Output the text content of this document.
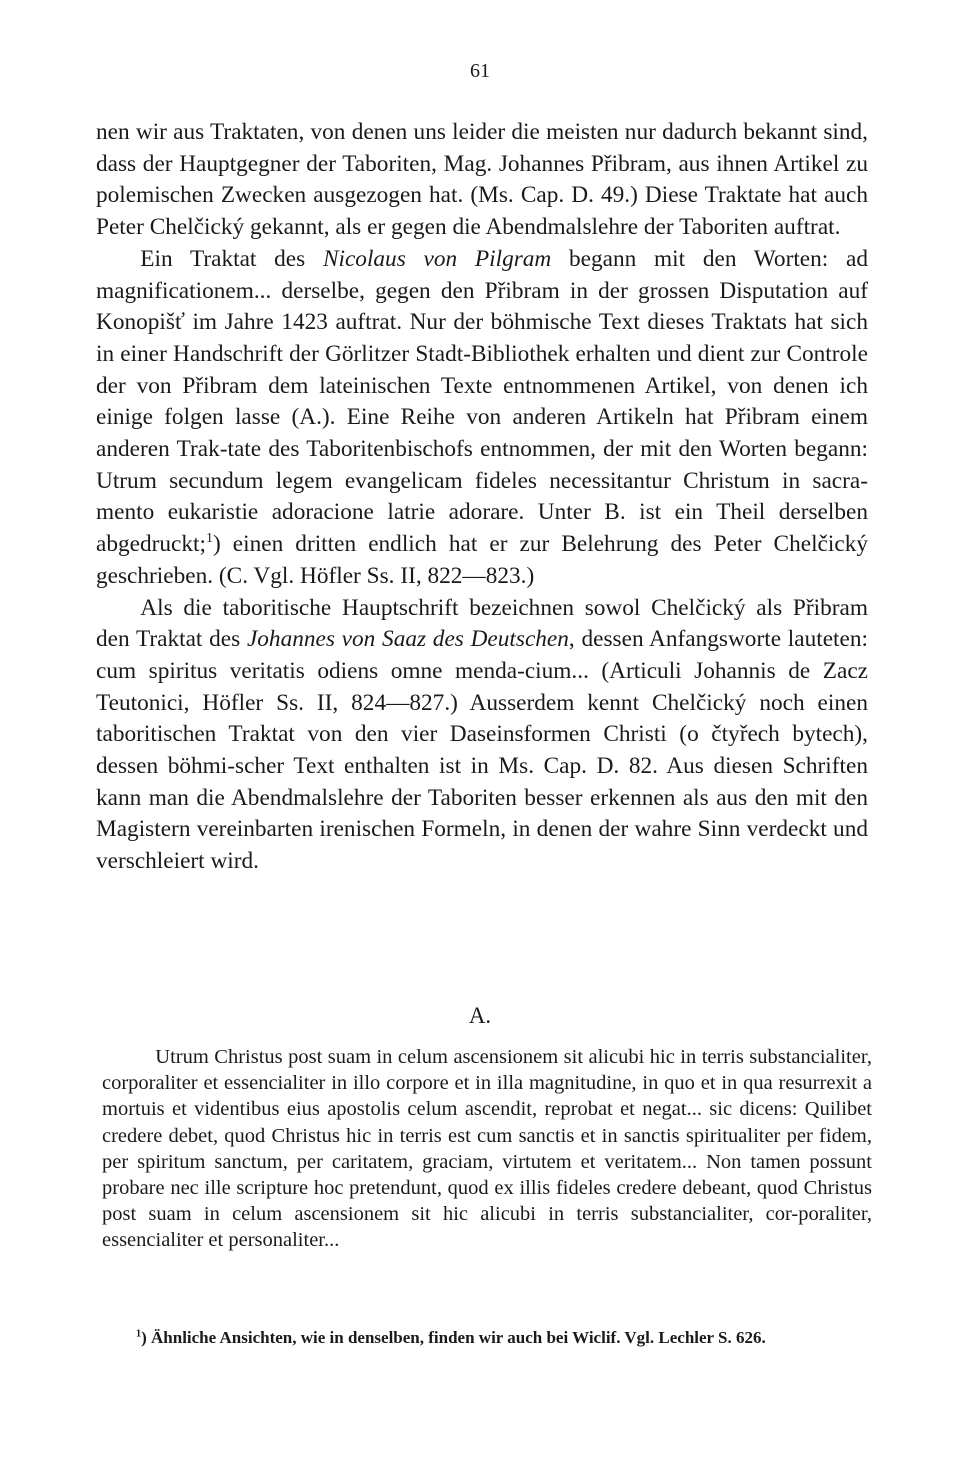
61

nen wir aus Traktaten, von denen uns leider die meisten nur dadurch bekannt sind, dass der Hauptgegner der Taboriten, Mag. Johannes Přibram, aus ihnen Artikel zu polemischen Zwecken ausgezogen hat. (Ms. Cap. D. 49.) Diese Traktate hat auch Peter Chelčický gekannt, als er gegen die Abendmalslehre der Taboriten auftrat.

Ein Traktat des Nicolaus von Pilgram begann mit den Worten: ad magnificationem... derselbe, gegen den Přibram in der grossen Disputation auf Konopišť im Jahre 1423 auftrat. Nur der böhmische Text dieses Traktats hat sich in einer Handschrift der Görlitzer Stadt-Bibliothek erhalten und dient zur Controle der von Přibram dem lateinischen Texte entnommenen Artikel, von denen ich einige folgen lasse (A.). Eine Reihe von anderen Artikeln hat Přibram einem anderen Trak-tate des Taboritenbischofs entnommen, der mit den Worten begann: Utrum secundum legem evangelicam fideles necessitantur Christum in sacra-mento eukaristie adoracione latrie adorare. Unter B. ist ein Theil derselben abgedruckt;$^1$) einen dritten endlich hat er zur Belehrung des Peter Chelčický geschrieben. (C. Vgl. Höfler Ss. II, 822—823.)

Als die taboritische Hauptschrift bezeichnen sowol Chelčický als Přibram den Traktat des Johannes von Saaz des Deutschen, dessen Anfangsworte lauteten: cum spiritus veritatis odiens omne menda-cium... (Articuli Johannis de Zacz Teutonici, Höfler Ss. II, 824—827.) Ausserdem kennt Chelčický noch einen taboritischen Traktat von den vier Daseinsformen Christi (o čtyřech bytech), dessen böhmi-scher Text enthalten ist in Ms. Cap. D. 82. Aus diesen Schriften kann man die Abendmalslehre der Taboriten besser erkennen als aus den mit den Magistern vereinbarten irenischen Formeln, in denen der wahre Sinn verdeckt und verschleiert wird.

A.

Utrum Christus post suam in celum ascensionem sit alicubi hic in terris substancialiter, corporaliter et essencialiter in illo corpore et in illa magnitudine, in quo et in qua resurrexit a mortuis et videntibus eius apostolis celum ascendit, reprobat et negat... sic dicens: Quilibet credere debet, quod Christus hic in terris est cum sanctis et in sanctis spiritualiter per fidem, per spiritum sanctum, per caritatem, graciam, virtutem et veritatem... Non tamen possunt probare nec ille scripture hoc pretendunt, quod ex illis fideles credere debeant, quod Christus post suam in celum ascensionem sit hic alicubi in terris substancialiter, cor-poraliter, essencialiter et personaliter...

$^1$) Ähnliche Ansichten, wie in denselben, finden wir auch bei Wiclif. Vgl. Lechler S. 626.
